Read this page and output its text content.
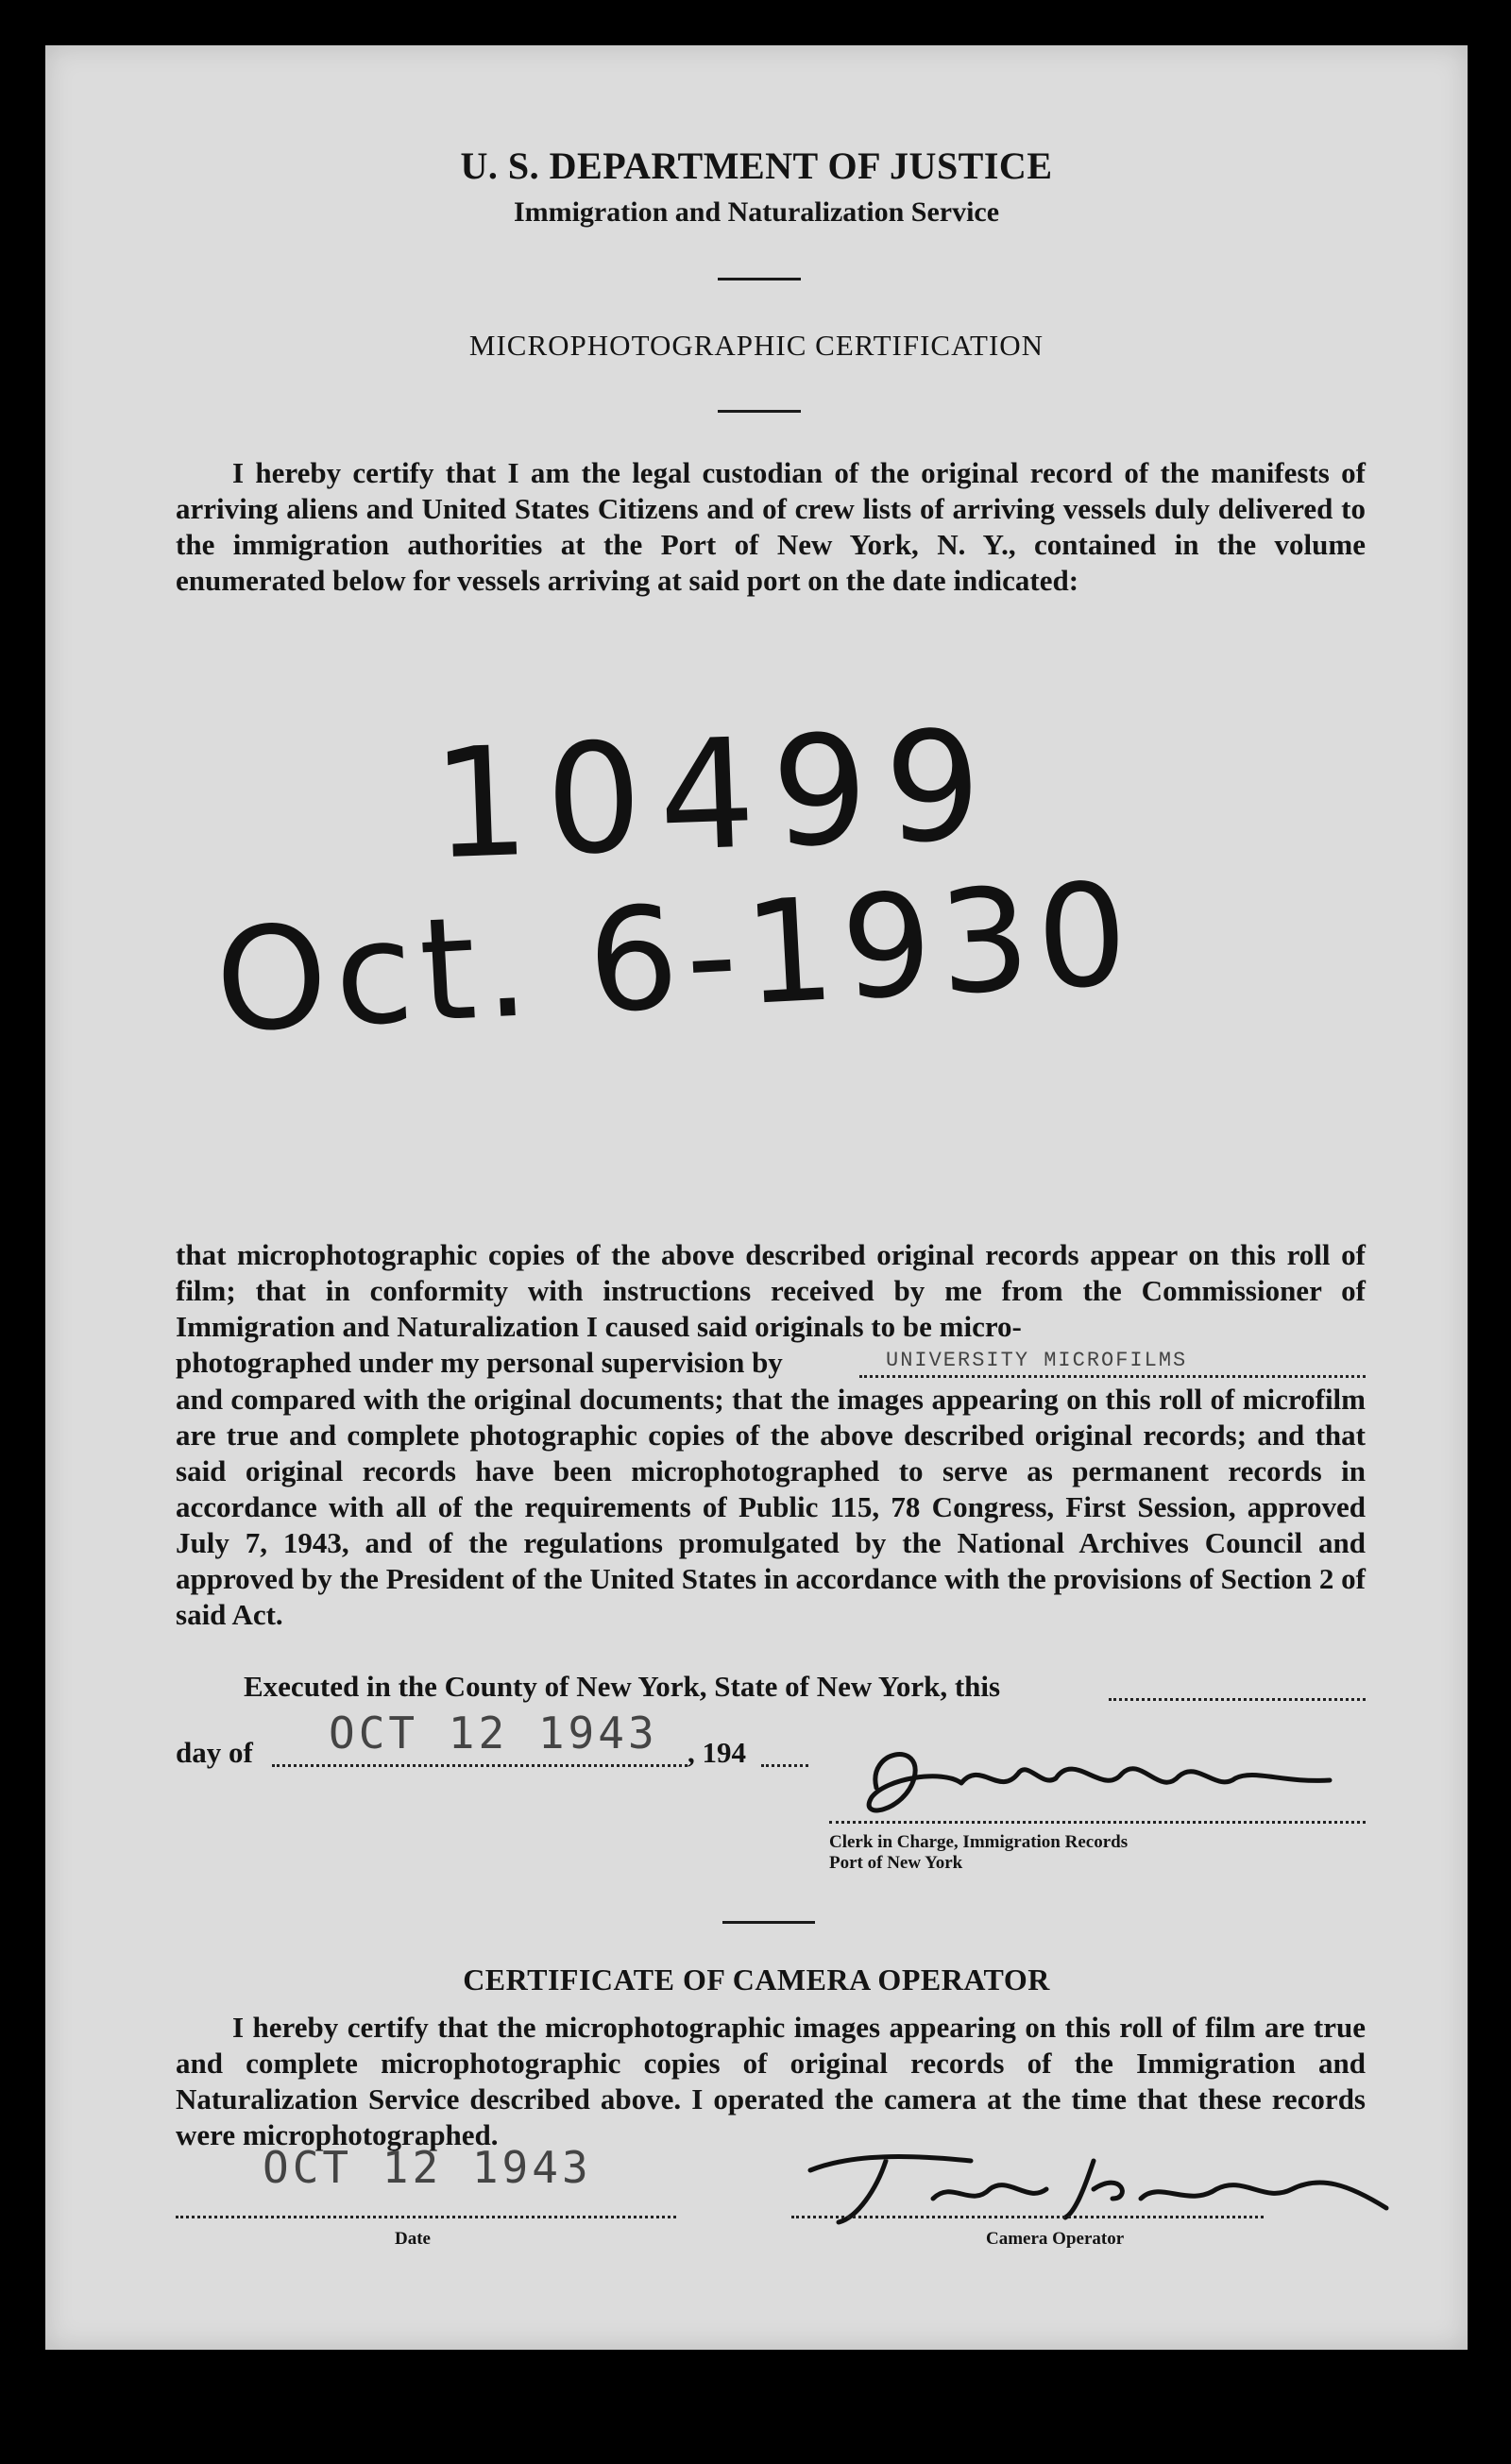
U. S. DEPARTMENT OF JUSTICE
Immigration and Naturalization Service
MICROPHOTOGRAPHIC CERTIFICATION
I hereby certify that I am the legal custodian of the original record of the manifests of arriving aliens and United States Citizens and of crew lists of arriving vessels duly delivered to the immigration authorities at the Port of New York, N. Y., contained in the volume enumerated below for vessels arriving at said port on the date indicated:
10499
Oct. 6-1930
that microphotographic copies of the above described original records appear on this roll of film; that in conformity with instructions received by me from the Commissioner of Immigration and Naturalization I caused said originals to be micro-
photographed under my personal supervision by	UNIVERSITY MICROFILMS
and compared with the original documents; that the images appearing on this roll of microfilm are true and complete photographic copies of the above described original records; and that said original records have been microphotographed to serve as permanent records in accordance with all of the requirements of Public 115, 78 Congress, First Session, approved July 7, 1943, and of the regulations promulgated by the National Archives Council and approved by the President of the United States in accordance with the provisions of Section 2 of said Act.
Executed in the County of New York, State of New York, this
day of OCT 12 1943 , 194
Clerk in Charge, Immigration Records
Port of New York
CERTIFICATE OF CAMERA OPERATOR
I hereby certify that the microphotographic images appearing on this roll of film are true and complete microphotographic copies of original records of the Immigration and Naturalization Service described above. I operated the camera at the time that these records were microphotographed.
OCT 12 1943
Date	Camera Operator
